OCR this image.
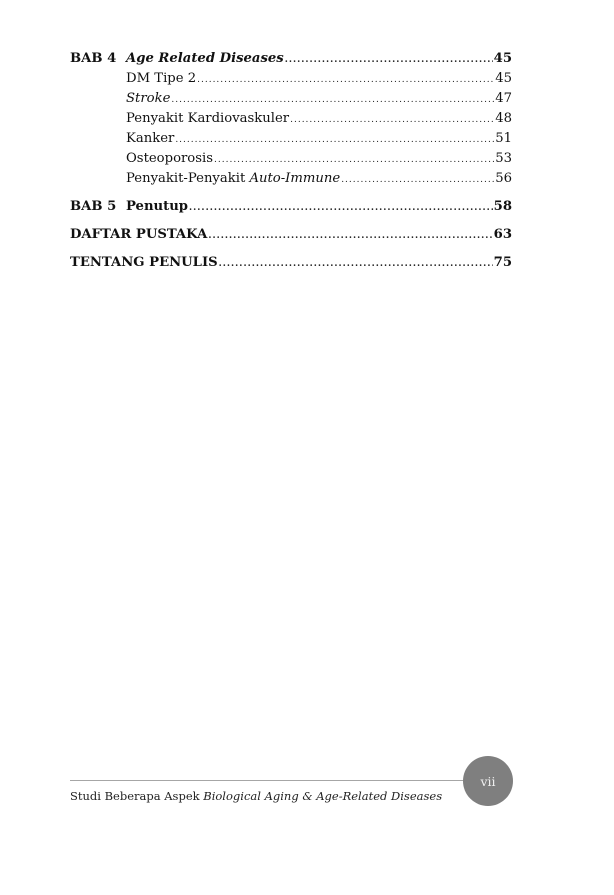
BAB 4 Age Related Diseases .....	45
DM Tipe 2 .....	45
Stroke .....	47
Penyakit Kardiovaskuler .....	48
Kanker .....	51
Osteoporosis .....	53
Penyakit-Penyakit Auto-Immune .....	56
BAB 5 Penutup .....	58
DAFTAR PUSTAKA .....	63
TENTANG PENULIS .....	75
Studi Beberapa Aspek Biological Aging & Age-Related Diseases
vii
